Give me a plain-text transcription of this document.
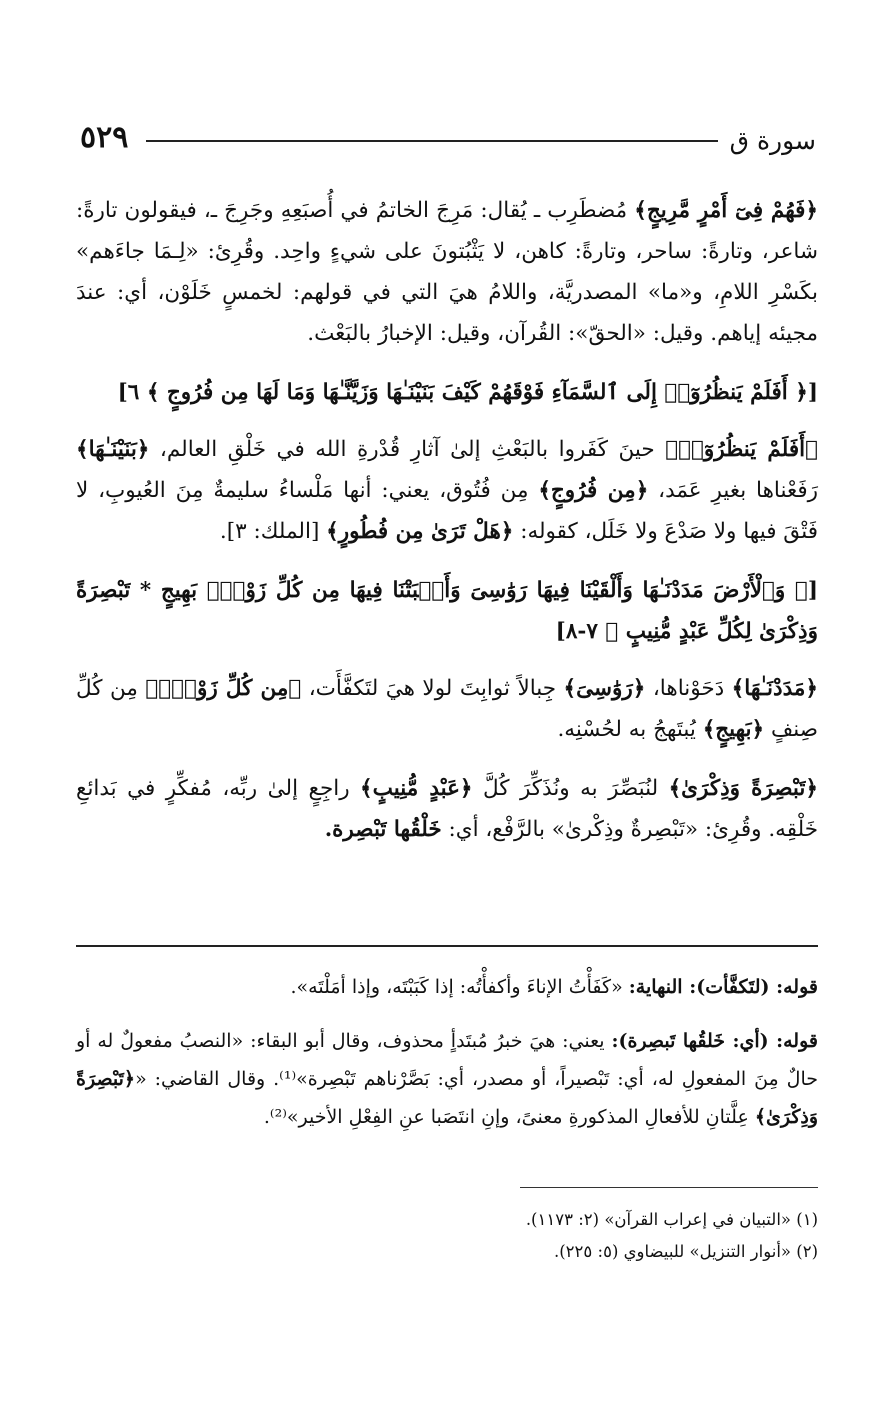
سورة ق
٥٢٩

﴿فَهُمْ فِىٓ أَمْرٍ مَّرِيجٍ﴾ مُضطَرِب ـ يُقال: مَرِجَ الخاتمُ في أُصبَعِهِ وجَرِجَ ـ، فيقولون تارةً: شاعر، وتارةً: ساحر، وتارةً: كاهن، لا يَثْبُتونَ على شيءٍ واحِد. وقُرِئ: «لِـمَا جاءَهم» بكَسْرِ اللامِ، و«ما» المصدريَّة، واللامُ هيَ التي في قولهم: لخمسٍ خَلَوْن، أي: عندَ مجيئه إياهم. وقيل: «الحقّ»: القُرآن، وقيل: الإخبارُ بالبَعْث.

[﴿ أَفَلَمْ يَنظُرُوٓا۟ إِلَى ٱلسَّمَآءِ فَوْقَهُمْ كَيْفَ بَنَيْنَـٰهَا وَزَيَّنَّـٰهَا وَمَا لَهَا مِن فُرُوجٍ ﴾ ٦]

﴿أَفَلَمْ يَنظُرُوٓا۟﴾ حينَ كَفَروا بالبَعْثِ إلىٰ آثارِ قُدْرةِ الله في خَلْقِ العالم، ﴿بَنَيْنَـٰهَا﴾ رَفَعْناها بغيرِ عَمَد، ﴿مِن فُرُوجٍ﴾ مِن فُتُوق، يعني: أنها مَلْساءُ سليمةٌ مِنَ العُيوبِ، لا فَتْقَ فيها ولا صَدْعَ ولا خَلَل، كقوله: ﴿هَلْ تَرَىٰ مِن فُطُورٍ﴾ [الملك: ٣].

[﴿ وَٱلْأَرْضَ مَدَدْنَـٰهَا وَأَلْقَيْنَا فِيهَا رَوَٰسِىَ وَأَنۢبَتْنَا فِيهَا مِن كُلِّ زَوْجٍۭ بَهِيجٍ * تَبْصِرَةً وَذِكْرَىٰ لِكُلِّ عَبْدٍ مُّنِيبٍ ﴾ ٧-٨]

﴿مَدَدْنَـٰهَا﴾ دَحَوْناها، ﴿رَوَٰسِىَ﴾ جِبالاً ثوابِتَ لولا هيَ لتَكفَّأَت، ﴿مِن كُلِّ زَوْجٍۭ﴾ مِن كُلِّ صِنفٍ ﴿بَهِيجٍ﴾ يُبتَهجُ به لحُسْنِه.

﴿تَبْصِرَةً وَذِكْرَىٰ﴾ لنُبَصِّرَ به ونُذَكِّرَ كُلَّ ﴿عَبْدٍ مُّنِيبٍ﴾ راجِعٍ إلىٰ ربِّه، مُفكِّرٍ في بَدائعِ خَلْقِه. وقُرِئ: «تَبْصِرةٌ وذِكْرىٰ» بالرَّفْع، أي: خَلْقُها تَبْصِرة.

قوله: (لتَكفَّأت): النهاية: «كَفَأْتُ الإناءَ وأكفأْتُه: إذا كَبَبْتَه، وإذا أمَلْتَه».

قوله: (أي: خَلقُها تَبصِرة): يعني: هيَ خبرُ مُبتَدأٍ محذوف، وقال أبو البقاء: «النصبُ مفعولٌ له أو حالٌ مِنَ المفعولِ له، أي: تَبْصيراً، أو مصدر، أي: بَصَّرْناهم تَبْصِرة»⁽¹⁾. وقال القاضي: «﴿تَبْصِرَةً وَذِكْرَىٰ﴾ عِلَّتانِ للأفعالِ المذكورةِ معنىً، وإنِ انتَصَبا عنِ الفِعْلِ الأخير»⁽²⁾.

(١) «التبيان في إعراب القرآن» (٢: ١١٧٣).
(٢) «أنوار التنزيل» للبيضاوي (٥: ٢٢٥).
